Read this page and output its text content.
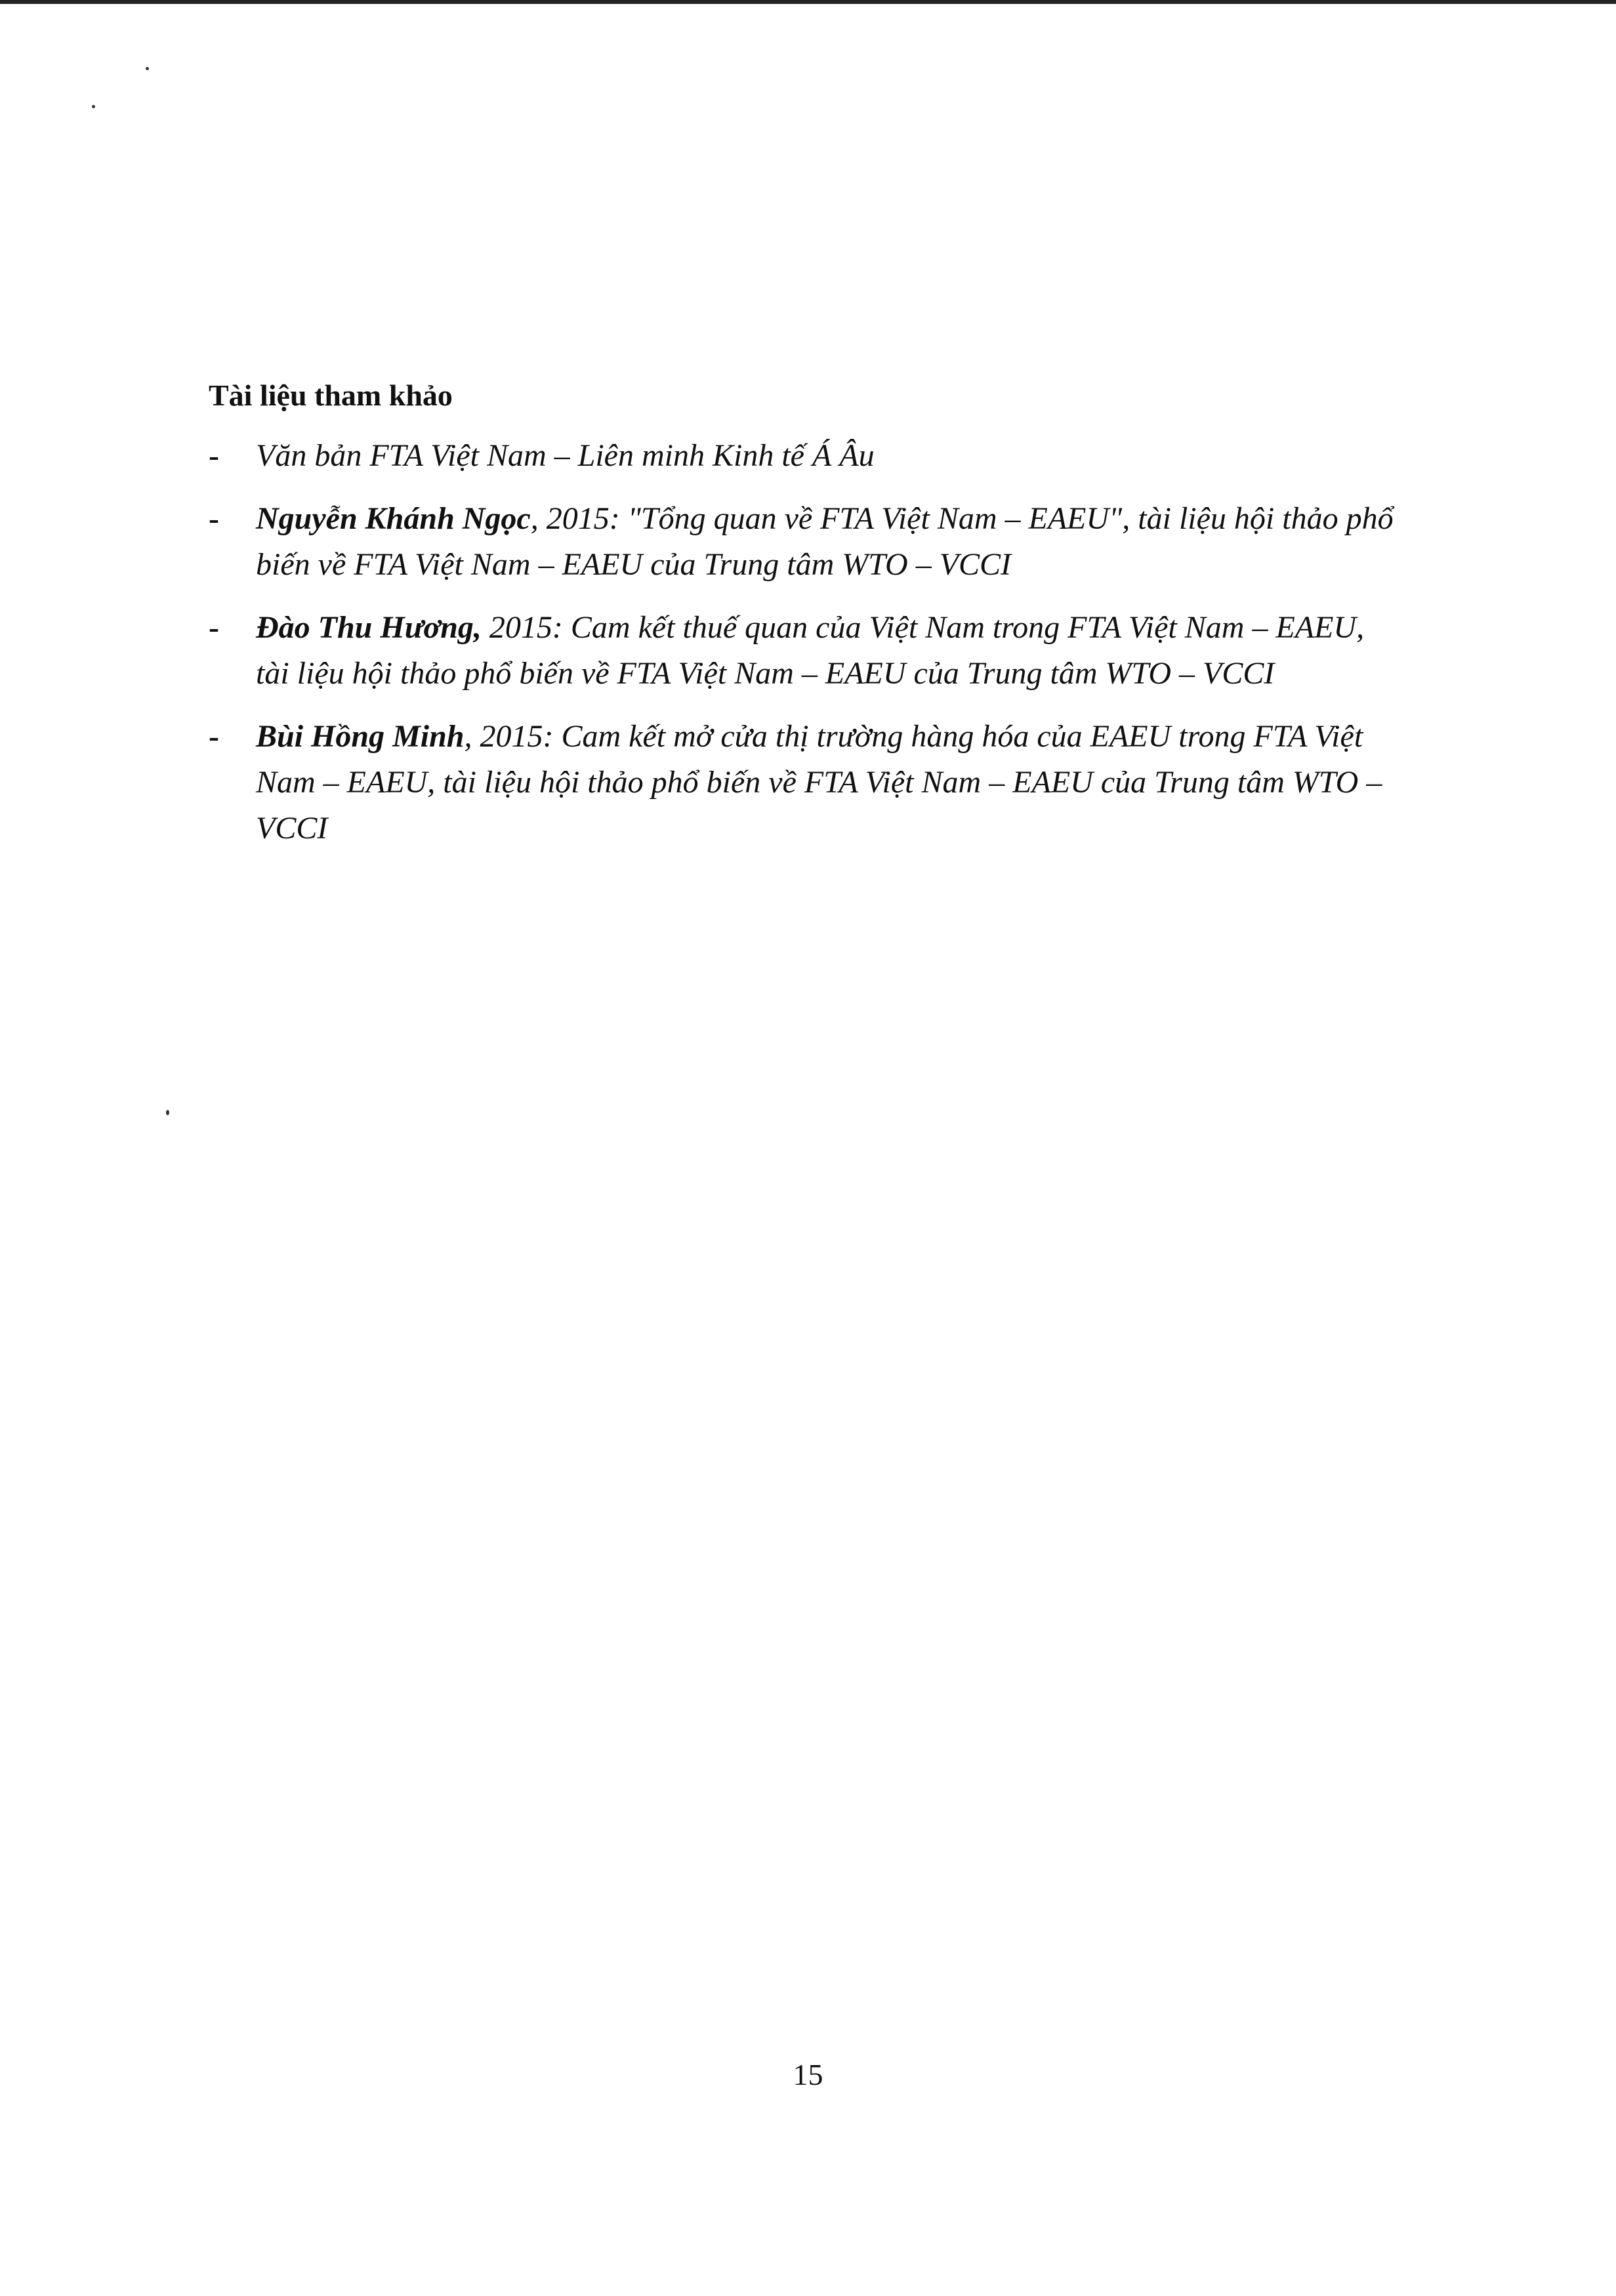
Tài liệu tham khảo
- Văn bản FTA Việt Nam – Liên minh Kinh tế Á Âu
- Nguyễn Khánh Ngọc, 2015: "Tổng quan về FTA Việt Nam – EAEU", tài liệu hội thảo phổ biến về FTA Việt Nam – EAEU của Trung tâm WTO – VCCI
- Đào Thu Hương, 2015: Cam kết thuế quan của Việt Nam trong FTA Việt Nam – EAEU, tài liệu hội thảo phổ biến về FTA Việt Nam – EAEU của Trung tâm WTO – VCCI
- Bùi Hồng Minh, 2015: Cam kết mở cửa thị trường hàng hóa của EAEU trong FTA Việt Nam – EAEU, tài liệu hội thảo phổ biến về FTA Việt Nam – EAEU của Trung tâm WTO – VCCI
15
